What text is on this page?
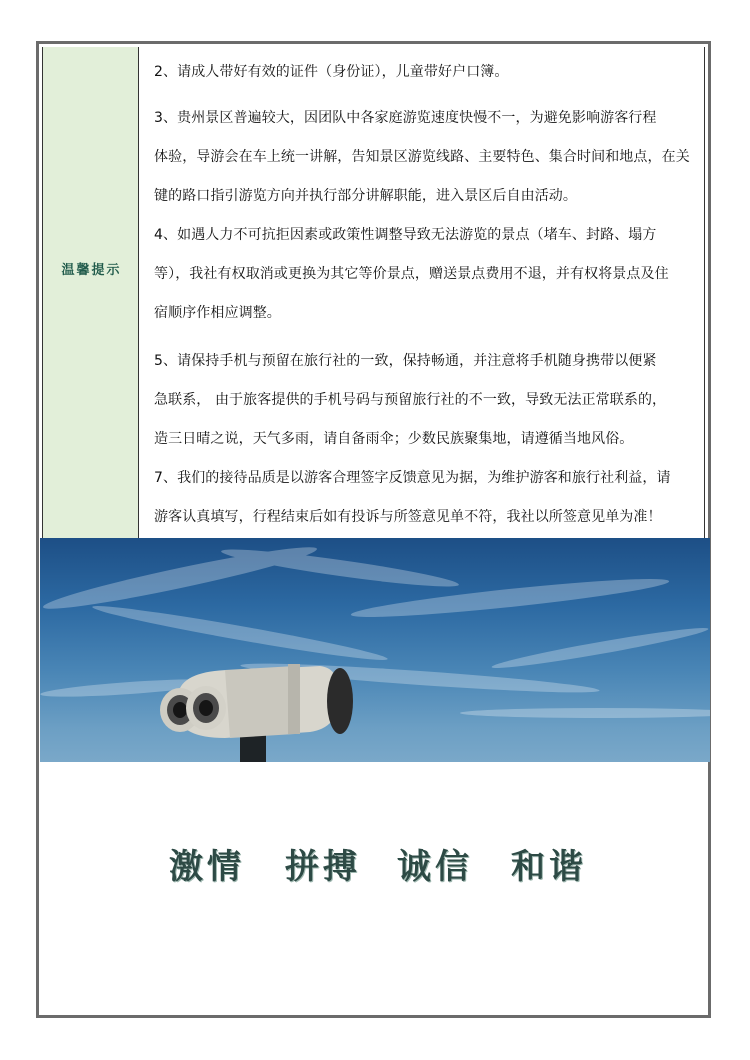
温馨提示
2、请成人带好有效的证件（身份证），儿童带好户口簿。
3、贵州景区普遍较大，因团队中各家庭游览速度快慢不一，为避免影响游客行程
体验，导游会在车上统一讲解，告知景区游览线路、主要特色、集合时间和地点，在关
键的路口指引游览方向并执行部分讲解职能，进入景区后自由活动。
4、如遇人力不可抗拒因素或政策性调整导致无法游览的景点（堵车、封路、塌方
等），我社有权取消或更换为其它等价景点，赠送景点费用不退，并有权将景点及住
宿顺序作相应调整。
5、请保持手机与预留在旅行社的一致，保持畅通，并注意将手机随身携带以便紧
急联系， 由于旅客提供的手机号码与预留旅行社的不一致，导致无法正常联系的，
造三日晴之说，天气多雨，请自备雨伞；少数民族聚集地，请遵循当地风俗。
7、我们的接待品质是以游客合理签字反馈意见为据，为维护游客和旅行社利益，请
游客认真填写，行程结束后如有投诉与所签意见单不符，我社以所签意见单为准！
激情 拼搏 诚信 和谐
